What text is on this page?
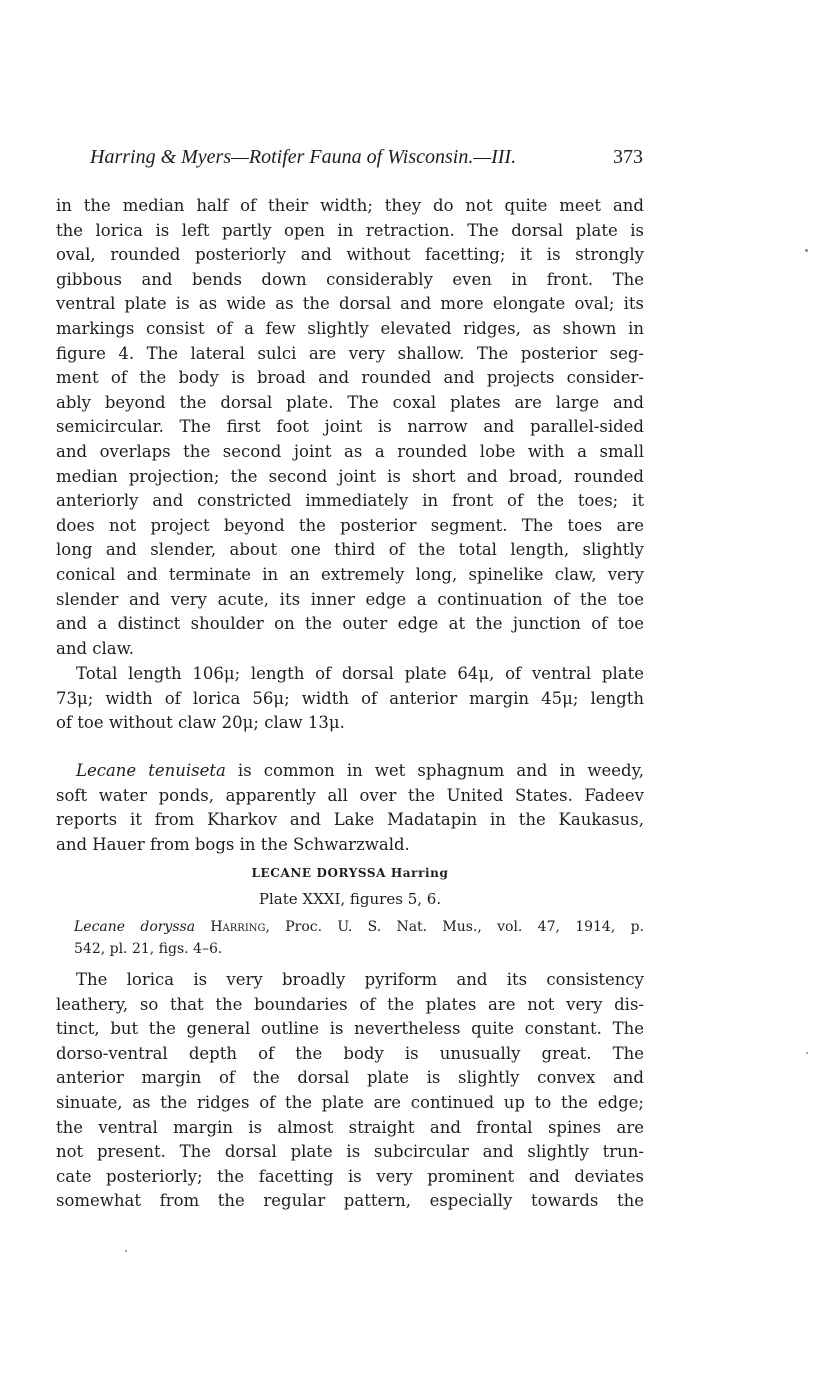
Harring & Myers—Rotifer Fauna of Wisconsin.—III.	373
in the median half of their width; they do not quite meet and
the lorica is left partly open in retraction. The dorsal plate is
oval, rounded posteriorly and without facetting; it is strongly
gibbous and bends down considerably even in front. The
ventral plate is as wide as the dorsal and more elongate oval; its
markings consist of a few slightly elevated ridges, as shown in
figure 4. The lateral sulci are very shallow. The posterior seg-
ment of the body is broad and rounded and projects consider-
ably beyond the dorsal plate. The coxal plates are large and
semicircular. The first foot joint is narrow and parallel-sided
and overlaps the second joint as a rounded lobe with a small
median projection; the second joint is short and broad, rounded
anteriorly and constricted immediately in front of the toes; it
does not project beyond the posterior segment. The toes are
long and slender, about one third of the total length, slightly
conical and terminate in an extremely long, spinelike claw, very
slender and very acute, its inner edge a continuation of the toe
and a distinct shoulder on the outer edge at the junction of toe
and claw.
Total length 106μ; length of dorsal plate 64μ, of ventral plate
73μ; width of lorica 56μ; width of anterior margin 45μ; length
of toe without claw 20μ; claw 13μ.
Lecane tenuiseta is common in wet sphagnum and in weedy,
soft water ponds, apparently all over the United States. Fadeev
reports it from Kharkov and Lake Madatapin in the Kaukasus,
and Hauer from bogs in the Schwarzwald.
LECANE DORYSSA Harring
Plate XXXI, figures 5, 6.
Lecane doryssa Harring, Proc. U. S. Nat. Mus., vol. 47, 1914, p.
542, pl. 21, figs. 4–6.
The lorica is very broadly pyriform and its consistency
leathery, so that the boundaries of the plates are not very dis-
tinct, but the general outline is nevertheless quite constant. The
dorso-ventral depth of the body is unusually great. The
anterior margin of the dorsal plate is slightly convex and
sinuate, as the ridges of the plate are continued up to the edge;
the ventral margin is almost straight and frontal spines are
not present. The dorsal plate is subcircular and slightly trun-
cate posteriorly; the facetting is very prominent and deviates
somewhat from the regular pattern, especially towards the
